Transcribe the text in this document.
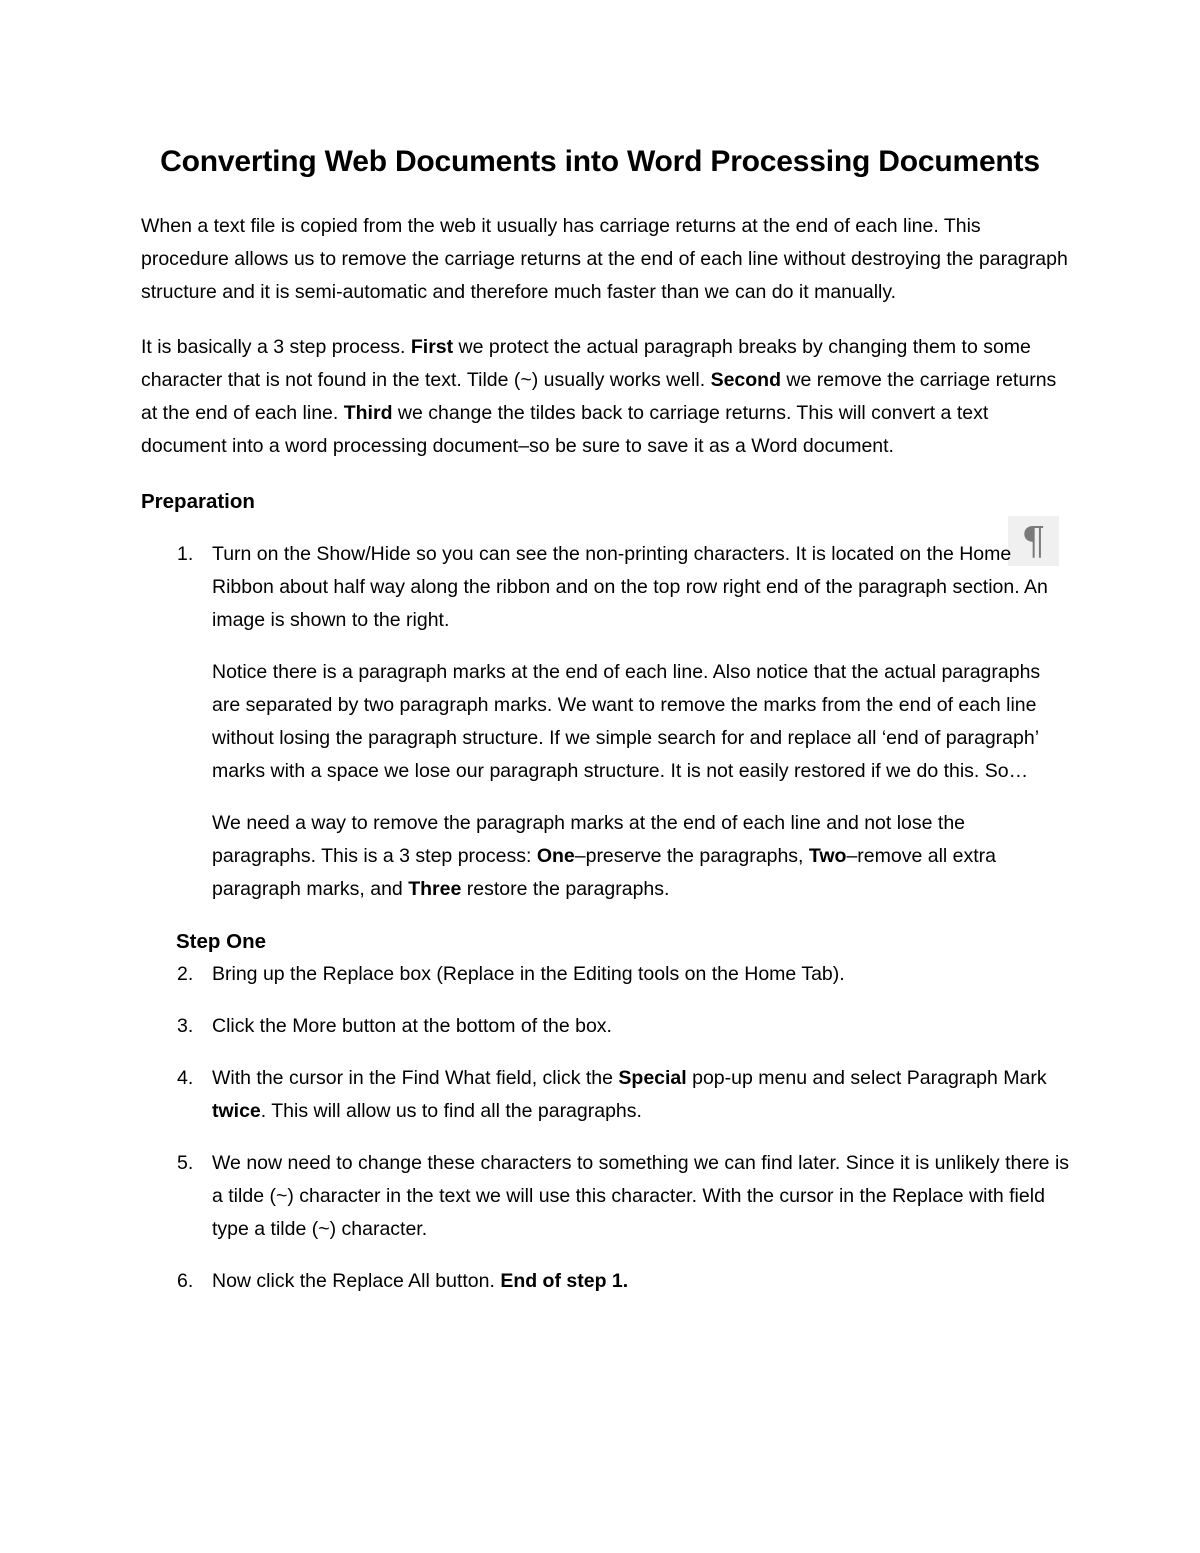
Converting Web Documents into Word Processing Documents
¶

When a text file is copied from the web it usually has carriage returns at the end of each line. This procedure allows us to remove the carriage returns at the end of each line without destroying the paragraph structure and it is semi-automatic and therefore much faster than we can do it manually.

It is basically a 3 step process. First we protect the actual paragraph breaks by changing them to some character that is not found in the text. Tilde (~) usually works well. Second we remove the carriage returns at the end of each line. Third we change the tildes back to carriage returns. This will convert a text document into a word processing document–so be sure to save it as a Word document.

Preparation
1. Turn on the Show/Hide so you can see the non-printing characters. It is located on the Home Ribbon about half way along the ribbon and on the top row right end of the paragraph section. An image is shown to the right.

Notice there is a paragraph marks at the end of each line. Also notice that the actual paragraphs are separated by two paragraph marks. We want to remove the marks from the end of each line without losing the paragraph structure. If we simple search for and replace all ‘end of paragraph’ marks with a space we lose our paragraph structure. It is not easily restored if we do this. So…

We need a way to remove the paragraph marks at the end of each line and not lose the paragraphs. This is a 3 step process: One–preserve the paragraphs, Two–remove all extra paragraph marks, and Three restore the paragraphs.

Step One
2. Bring up the Replace box (Replace in the Editing tools on the Home Tab).
3. Click the More button at the bottom of the box.
4. With the cursor in the Find What field, click the Special pop-up menu and select Paragraph Mark twice. This will allow us to find all the paragraphs.
5. We now need to change these characters to something we can find later. Since it is unlikely there is a tilde (~) character in the text we will use this character. With the cursor in the Replace with field type a tilde (~) character.
6. Now click the Replace All button. End of step 1.
